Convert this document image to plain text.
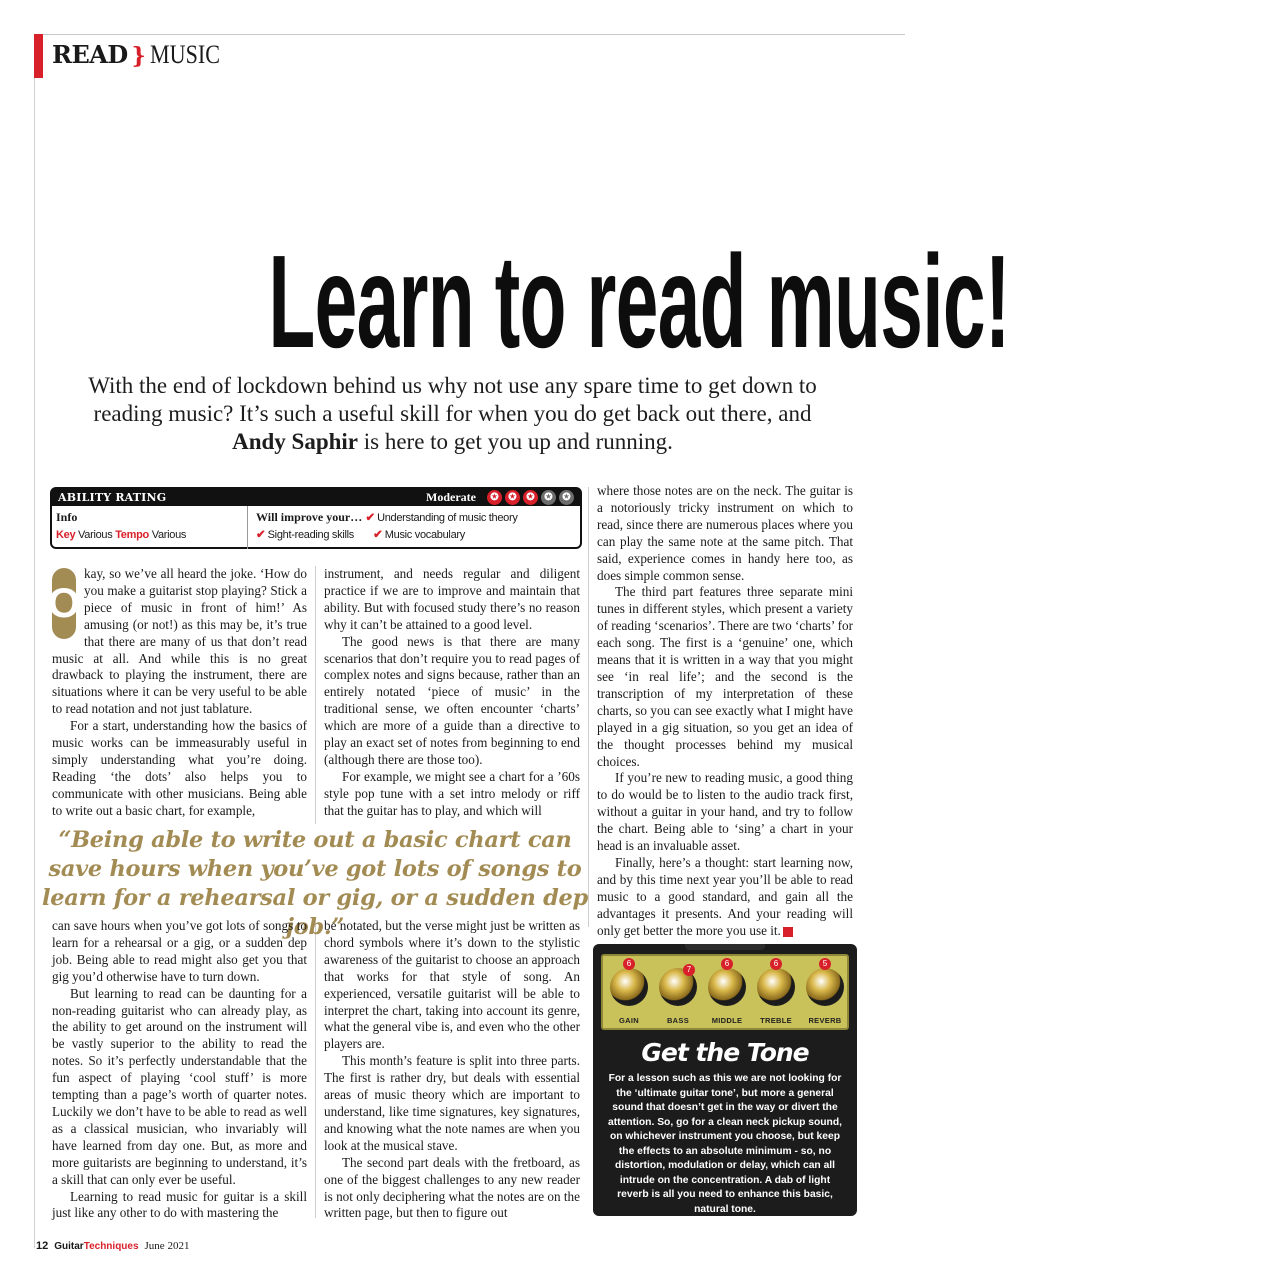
READ } MUSIC
Learn to read music!

With the end of lockdown behind us why not use any spare time to get down to reading music? It’s such a useful skill for when you do get back out there, and Andy Saphir is here to get you up and running.

ABILITY RATING	Moderate	✪ ✪ ✪ ✪ ✪
Info
Key Various Tempo Various
Will improve your… ✔ Understanding of music theory
✔ Sight-reading skills ✔ Music vocabulary
O

kay, so we’ve all heard the joke. ‘How do you make a guitarist stop playing? Stick a piece of music in front of him!’ As amusing (or not!) as this may be, it’s true that there are many of us that don’t read music at all. And while this is no great drawback to playing the instrument, there are situations where it can be very useful to be able to read notation and not just tablature.

For a start, understanding how the basics of music works can be immeasurably useful in simply understanding what you’re doing. Reading ‘the dots’ also helps you to communicate with other musicians. Being able to write out a basic chart, for example,

instrument, and needs regular and diligent practice if we are to improve and maintain that ability. But with focused study there’s no reason why it can’t be attained to a good level.

The good news is that there are many scenarios that don’t require you to read pages of complex notes and signs because, rather than an entirely notated ‘piece of music’ in the traditional sense, we often encounter ‘charts’ which are more of a guide than a directive to play an exact set of notes from beginning to end (although there are those too).

For example, we might see a chart for a ’60s style pop tune with a set intro melody or riff that the guitar has to play, and which will

“Being able to write out a basic chart can save hours when you’ve got lots of songs to learn for a rehearsal or gig, or a sudden dep job.”

can save hours when you’ve got lots of songs to learn for a rehearsal or a gig, or a sudden dep job. Being able to read might also get you that gig you’d otherwise have to turn down.

But learning to read can be daunting for a non-reading guitarist who can already play, as the ability to get around on the instrument will be vastly superior to the ability to read the notes. So it’s perfectly understandable that the fun aspect of playing ‘cool stuff’ is more tempting than a page’s worth of quarter notes. Luckily we don’t have to be able to read as well as a classical musician, who invariably will have learned from day one. But, as more and more guitarists are beginning to understand, it’s a skill that can only ever be useful.

Learning to read music for guitar is a skill just like any other to do with mastering the

be notated, but the verse might just be written as chord symbols where it’s down to the stylistic awareness of the guitarist to choose an approach that works for that style of song. An experienced, versatile guitarist will be able to interpret the chart, taking into account its genre, what the general vibe is, and even who the other players are.

This month’s feature is split into three parts. The first is rather dry, but deals with essential areas of music theory which are important to understand, like time signatures, key signatures, and knowing what the note names are when you look at the musical stave.

The second part deals with the fretboard, as one of the biggest challenges to any new reader is not only deciphering what the notes are on the written page, but then to figure out

where those notes are on the neck. The guitar is a notoriously tricky instrument on which to read, since there are numerous places where you can play the same note at the same pitch. That said, experience comes in handy here too, as does simple common sense.

The third part features three separate mini tunes in different styles, which present a variety of reading ‘scenarios’. There are two ‘charts’ for each song. The first is a ‘genuine’ one, which means that it is written in a way that you might see ‘in real life’; and the second is the transcription of my interpretation of these charts, so you can see exactly what I might have played in a gig situation, so you get an idea of the thought processes behind my musical choices.

If you’re new to reading music, a good thing to do would be to listen to the audio track first, without a guitar in your hand, and try to follow the chart. Being able to ‘sing’ a chart in your head is an invaluable asset.

Finally, here’s a thought: start learning now, and by this time next year you’ll be able to read music to a good standard, and gain all the advantages it presents. And your reading will only get better the more you use it.

6
7
6	6	5
GAIN	BASS	MIDDLE	TREBLE	REVERB
Get the Tone
For a lesson such as this we are not looking for the ‘ultimate guitar tone’, but more a general sound that doesn’t get in the way or divert the attention. So, go for a clean neck pickup sound, on whichever instrument you choose, but keep the effects to an absolute minimum - so, no distortion, modulation or delay, which can all intrude on the concentration. A dab of light reverb is all you need to enhance this basic, natural tone.
12 Guitar Techniques June 2021
